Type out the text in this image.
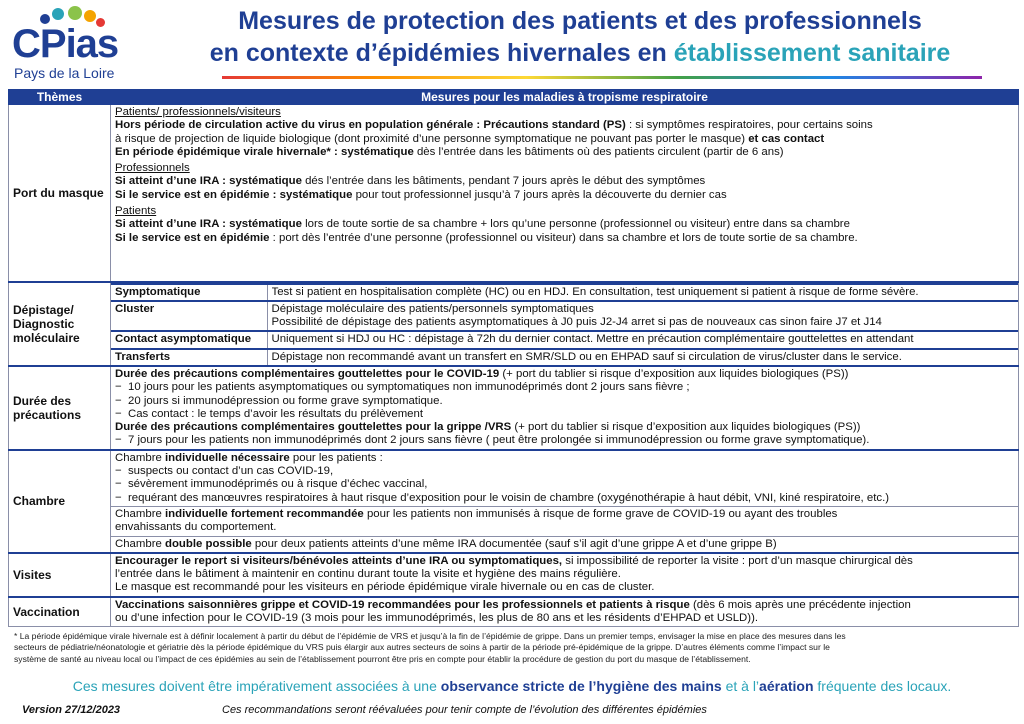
CPias
Pays de la Loire
Mesures de protection des patients et des professionnels
en contexte d’épidémies hivernales en établissement sanitaire
Thèmes	Mesures pour les maladies à tropisme respiratoire
Port du masque	
Patients/ professionnels/visiteurs
Hors période de circulation active du virus en population générale : Précautions standard (PS) : si symptômes respiratoires, pour certains soins
à risque de projection de liquide biologique (dont proximité d’une personne symptomatique ne pouvant pas porter le masque) et cas contact
En période épidémique virale hivernale* : systématique dès l’entrée dans les bâtiments où des patients circulent (partir de 6 ans)
Professionnels
Si atteint d’une IRA : systématique dés l’entrée dans les bâtiments, pendant 7 jours après le début des symptômes
Si le service est en épidémie : systématique pour tout professionnel jusqu’à 7 jours après la découverte du dernier cas
Patients
Si atteint d’une IRA : systématique lors de toute sortie de sa chambre + lors qu’une personne (professionnel ou visiteur) entre dans sa chambre
Si le service est en épidémie : port dès l’entrée d’une personne (professionnel ou visiteur) dans sa chambre et lors de toute sortie de sa chambre.

Dépistage/
Diagnostic
moléculaire

Symptomatique	Test si patient en hospitalisation complète (HC) ou en HDJ. En consultation, test uniquement si patient à risque de forme sévère.

Cluster	Dépistage moléculaire des patients/personnels symptomatiques
Possibilité de dépistage des patients asymptomatiques à J0 puis J2-J4 arret si pas de nouveaux cas sinon faire J7 et J14

Contact asymptomatique	Uniquement si HDJ ou HC : dépistage à 72h du dernier contact. Mettre en précaution complémentaire gouttelettes en attendant

Transferts	Dépistage non recommandé avant un transfert en SMR/SLD ou en EHPAD sauf si circulation de virus/cluster dans le service.

Durée des
précautions

Durée des précautions complémentaires gouttelettes pour le COVID-19 (+ port du tablier si risque d’exposition aux liquides biologiques (PS))
−  10 jours pour les patients asymptomatiques ou symptomatiques non immunodéprimés dont 2 jours sans fièvre ;
−  20 jours si immunodépression ou forme grave symptomatique.
−  Cas contact : le temps d’avoir les résultats du prélèvement
Durée des précautions complémentaires gouttelettes pour la grippe /VRS (+ port du tablier si risque d’exposition aux liquides biologiques (PS))
−  7 jours pour les patients non immunodéprimés dont 2 jours sans fièvre ( peut être prolongée si immunodépression ou forme grave symptomatique).

Chambre	
Chambre individuelle nécessaire pour les patients :
−  suspects ou contact d’un cas COVID-19,
−  sévèrement immunodéprimés ou à risque d’échec vaccinal,
−  requérant des manœuvres respiratoires à haut risque d’exposition pour le voisin de chambre (oxygénothérapie à haut débit, VNI, kiné respiratoire, etc.)
Chambre individuelle fortement recommandée pour les patients non immunisés à risque de forme grave de COVID-19 ou ayant des troubles
envahissants du comportement.
Chambre double possible pour deux patients atteints d’une même IRA documentée (sauf s’il agit d’une grippe A et d’une grippe B)

Visites	
Encourager le report si visiteurs/bénévoles atteints d’une IRA ou symptomatiques, si impossibilité de reporter la visite : port d’un masque chirurgical dès
l’entrée dans le bâtiment à maintenir en continu durant toute la visite et hygiène des mains régulière.
Le masque est recommandé pour les visiteurs en période épidémique virale hivernale ou en cas de cluster.

Vaccination	
Vaccinations saisonnières grippe et COVID-19 recommandées pour les professionnels et patients à risque (dès 6 mois après une précédente injection
ou d’une infection pour le COVID-19 (3 mois pour les immunodéprimés, les plus de 80 ans et les résidents d’EHPAD et USLD)).
* La période épidémique virale hivernale est à définir localement à partir du début de l’épidémie de VRS et jusqu’à la fin de l’épidémie de grippe. Dans un premier temps, envisager la mise en place des mesures dans les
secteurs de pédiatrie/néonatologie et gériatrie dès la période épidémique du VRS puis élargir aux autres secteurs de soins à partir de la période pré-épidémique de la grippe. D’autres éléments comme l’impact sur le
système de santé au niveau local ou l’impact de ces épidémies au sein de l’établissement pourront être pris en compte pour établir la procédure de gestion du port du masque de l’établissement.
Ces mesures doivent être impérativement associées à une observance stricte de l’hygiène des mains et à l’aération fréquente des locaux.
Version 27/12/2023	Ces recommandations seront réévaluées pour tenir compte de l’évolution des différentes épidémies
